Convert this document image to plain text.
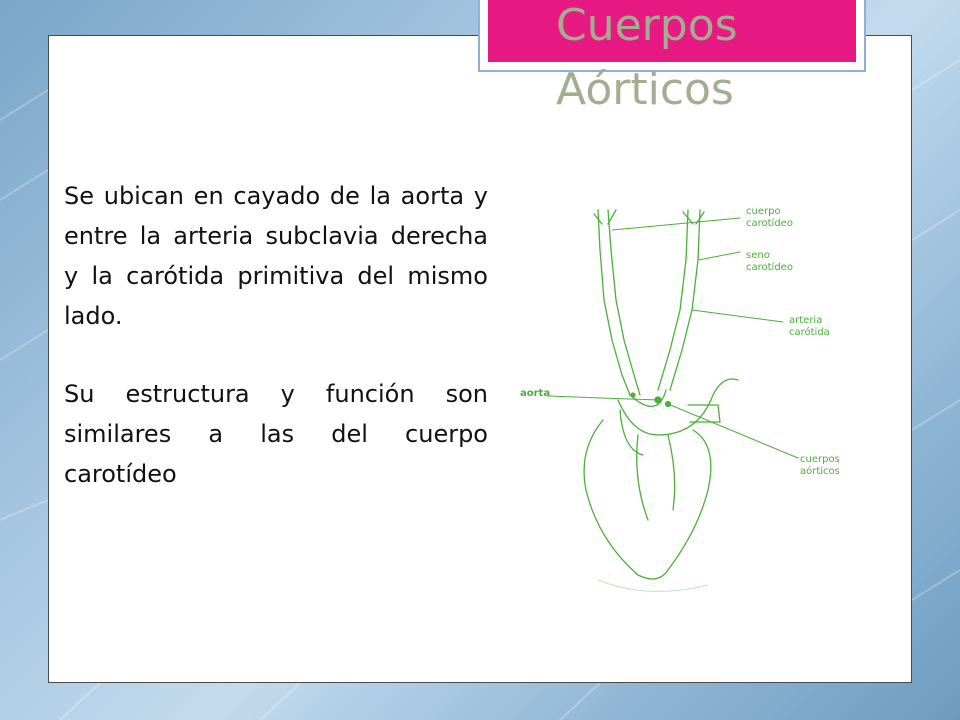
Cuerpos
Aórticos

Se ubican en cayado de la aorta y entre la arteria subclavia derecha y la carótida primitiva del mismo lado.

Su estructura y función son similares a las del cuerpo carotídeo

cuerpo
carotídeo
seno
carotídeo
arteria
carótida
aorta
cuerpos
aórticos
